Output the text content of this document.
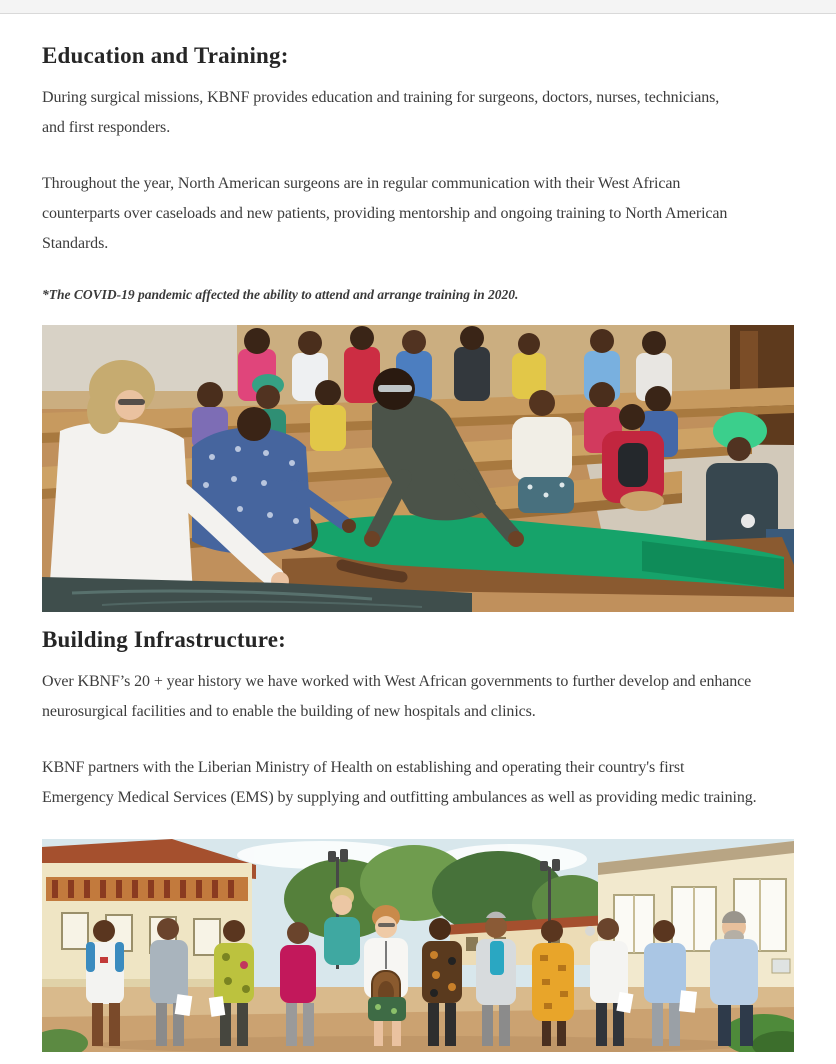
Education and Training:

During surgical missions, KBNF provides education and training for surgeons, doctors, nurses, technicians,
and first responders.

Throughout the year, North American surgeons are in regular communication with their West African
counterparts over caseloads and new patients, providing mentorship and ongoing training to North American
Standards.

*The COVID-19 pandemic affected the ability to attend and arrange training in 2020.

Building Infrastructure:

Over KBNF’s 20 + year history we have worked with West African governments to further develop and enhance
neurosurgical facilities and to enable the building of new hospitals and clinics.

KBNF partners with the Liberian Ministry of Health on establishing and operating their country's first
Emergency Medical Services (EMS) by supplying and outfitting ambulances as well as providing medic training.
